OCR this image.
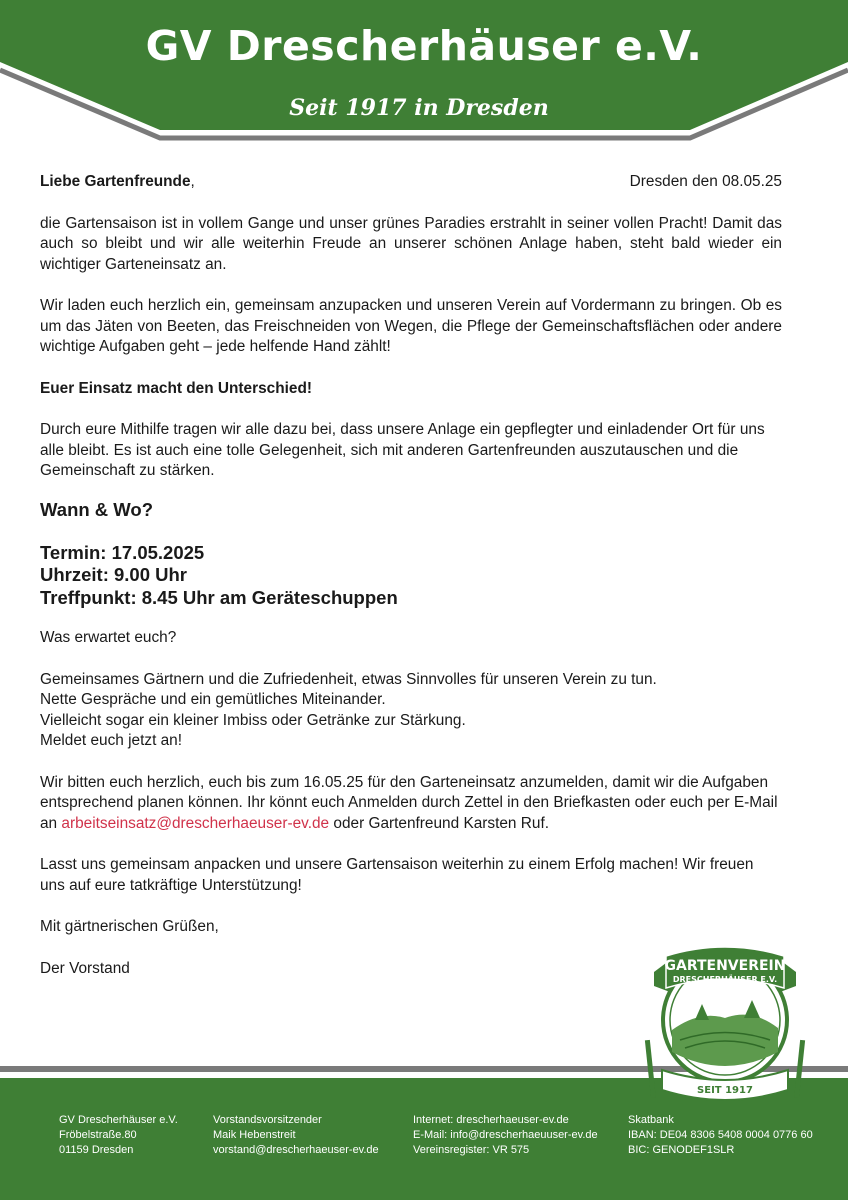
GV Drescherhäuser e.V.
Seit 1917 in Dresden
Liebe Gartenfreunde,	Dresden den 08.05.25

die Gartensaison ist in vollem Gange und unser grünes Paradies erstrahlt in seiner vollen Pracht! Damit das auch so bleibt und wir alle weiterhin Freude an unserer schönen Anlage haben, steht bald wieder ein wichtiger Garteneinsatz an.

Wir laden euch herzlich ein, gemeinsam anzupacken und unseren Verein auf Vordermann zu bringen. Ob es um das Jäten von Beeten, das Freischneiden von Wegen, die Pflege der Gemeinschaftsflächen oder andere wichtige Aufgaben geht – jede helfende Hand zählt!

Euer Einsatz macht den Unterschied!

Durch eure Mithilfe tragen wir alle dazu bei, dass unsere Anlage ein gepflegter und einladender Ort für uns alle bleibt. Es ist auch eine tolle Gelegenheit, sich mit anderen Gartenfreunden auszutauschen und die Gemeinschaft zu stärken.

Wann & Wo?

Termin: 17.05.2025

Uhrzeit: 9.00 Uhr

Treffpunkt: 8.45 Uhr am Geräteschuppen

Was erwartet euch?

Gemeinsames Gärtnern und die Zufriedenheit, etwas Sinnvolles für unseren Verein zu tun.

Nette Gespräche und ein gemütliches Miteinander.

Vielleicht sogar ein kleiner Imbiss oder Getränke zur Stärkung.

Meldet euch jetzt an!

Wir bitten euch herzlich, euch bis zum 16.05.25 für den Garteneinsatz anzumelden, damit wir die Aufgaben entsprechend planen können. Ihr könnt euch Anmelden durch Zettel in den Briefkasten oder euch per E-Mail an arbeitseinsatz@drescherhaeuser-ev.de oder Gartenfreund Karsten Ruf.

Lasst uns gemeinsam anpacken und unsere Gartensaison weiterhin zu einem Erfolg machen! Wir freuen uns auf eure tatkräftige Unterstützung!

Mit gärtnerischen Grüßen,

Der Vorstand

GV Drescherhäuser e.V.
Fröbelstraße.80
01159 Dresden
Vorstandsvorsitzender
Maik Hebenstreit
vorstand@drescherhaeuser-ev.de
Internet: drescherhaeuser-ev.de
E-Mail: info@drescherhaeuuser-ev.de
Vereinsregister: VR 575
Skatbank
IBAN: DE04 8306 5408 0004 0776 60
BIC: GENODEF1SLR
GARTENVEREIN
DRESCHERHÄUSER E.V.
SEIT 1917
